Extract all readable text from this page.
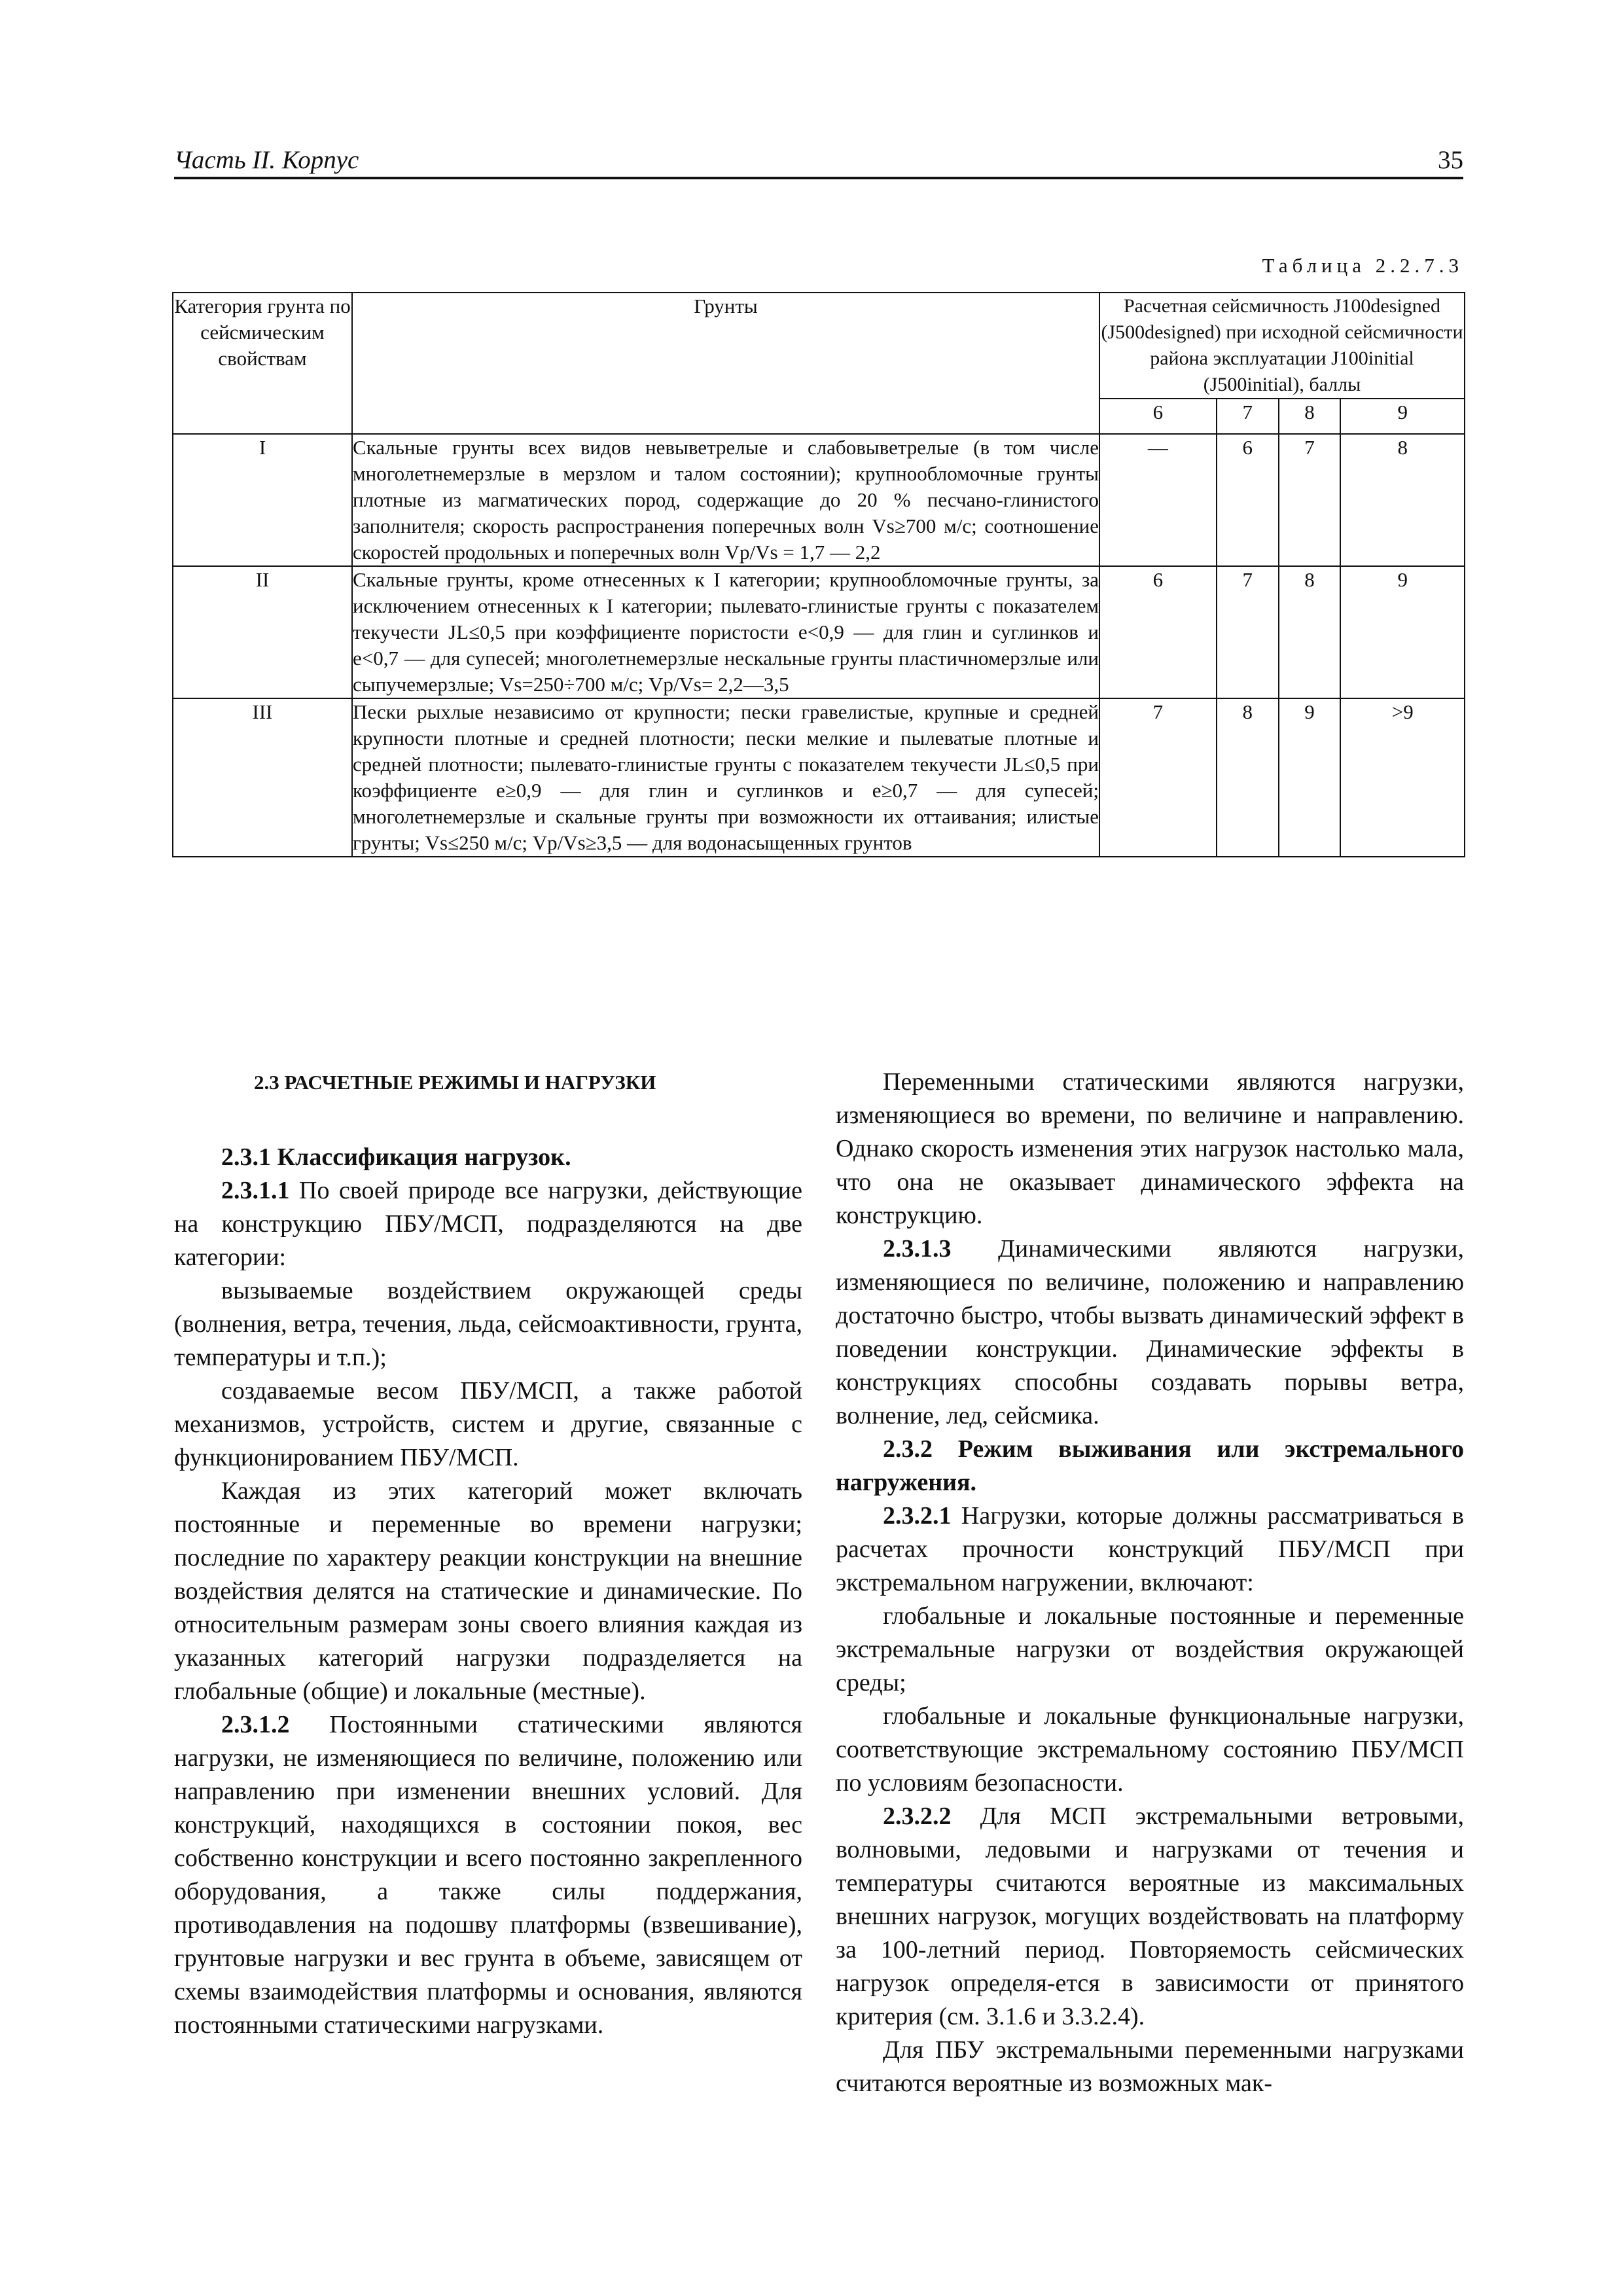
Часть II. Корпус	35
Таблица 2.2.7.3
Категория грунта по сейсмическим свойствам	Грунты	Расчетная сейсмичность J100designed (J500designed) при исходной сейсмичности района эксплуатации J100initial (J500initial), баллы			
		6	7	8	9
I	Скальные грунты всех видов невыветрелые и слабовыветрелые (в том числе многолетнемерзлые в мерзлом и талом состоянии); крупнообломочные грунты плотные из магматических пород, содержащие до 20 % песчано-глинистого заполнителя; скорость распространения поперечных волн Vs≥700 м/с; соотношение скоростей продольных и поперечных волн Vp/Vs = 1,7 — 2,2	—	6	7	8
II	Скальные грунты, кроме отнесенных к I категории; крупнообломочные грунты, за исключением отнесенных к I категории; пылевато-глинистые грунты с показателем текучести JL≤0,5 при коэффициенте пористости e<0,9 — для глин и суглинков и e<0,7 — для супесей; многолетнемерзлые нескальные грунты пластичномерзлые или сыпучемерзлые; Vs=250÷700 м/с; Vp/Vs= 2,2—3,5	6	7	8	9
III	Пески рыхлые независимо от крупности; пески гравелистые, крупные и средней крупности плотные и средней плотности; пески мелкие и пылеватые плотные и средней плотности; пылевато-глинистые грунты с показателем текучести JL≤0,5 при коэффициенте e≥0,9 — для глин и суглинков и e≥0,7 — для супесей; многолетнемерзлые и скальные грунты при возможности их оттаивания; илистые грунты; Vs≤250 м/с; Vp/Vs≥3,5 — для водонасыщенных грунтов	7	8	9	>9

2.3 РАСЧЕТНЫЕ РЕЖИМЫ И НАГРУЗКИ

2.3.1 Классификация нагрузок.

2.3.1.1 По своей природе все нагрузки, действующие на конструкцию ПБУ/МСП, подразделяются на две категории:

вызываемые воздействием окружающей среды (волнения, ветра, течения, льда, сейсмоактивности, грунта, температуры и т.п.);

создаваемые весом ПБУ/МСП, а также работой механизмов, устройств, систем и другие, связанные с функционированием ПБУ/МСП.

Каждая из этих категорий может включать постоянные и переменные во времени нагрузки; последние по характеру реакции конструкции на внешние воздействия делятся на статические и динамические. По относительным размерам зоны своего влияния каждая из указанных категорий нагрузки подразделяется на глобальные (общие) и локальные (местные).

2.3.1.2 Постоянными статическими являются нагрузки, не изменяющиеся по величине, положению или направлению при изменении внешних условий. Для конструкций, находящихся в состоянии покоя, вес собственно конструкции и всего постоянно закрепленного оборудования, а также силы поддержания, противодавления на подошву платформы (взвешивание), грунтовые нагрузки и вес грунта в объеме, зависящем от схемы взаимодействия платформы и основания, являются постоянными статическими нагрузками.

Переменными статическими являются нагрузки, изменяющиеся во времени, по величине и направлению. Однако скорость изменения этих нагрузок настолько мала, что она не оказывает динамического эффекта на конструкцию.

2.3.1.3 Динамическими являются нагрузки, изменяющиеся по величине, положению и направлению достаточно быстро, чтобы вызвать динамический эффект в поведении конструкции. Динамические эффекты в конструкциях способны создавать порывы ветра, волнение, лед, сейсмика.

2.3.2 Режим выживания или экстремального нагружения.

2.3.2.1 Нагрузки, которые должны рассматриваться в расчетах прочности конструкций ПБУ/МСП при экстремальном нагружении, включают:

глобальные и локальные постоянные и переменные экстремальные нагрузки от воздействия окружающей среды;

глобальные и локальные функциональные нагрузки, соответствующие экстремальному состоянию ПБУ/МСП по условиям безопасности.

2.3.2.2 Для МСП экстремальными ветровыми, волновыми, ледовыми и нагрузками от течения и температуры считаются вероятные из максимальных внешних нагрузок, могущих воздействовать на платформу за 100-летний период. Повторяемость сейсмических нагрузок определя-ется в зависимости от принятого критерия (см. 3.1.6 и 3.3.2.4).

Для ПБУ экстремальными переменными нагрузками считаются вероятные из возможных мак-
